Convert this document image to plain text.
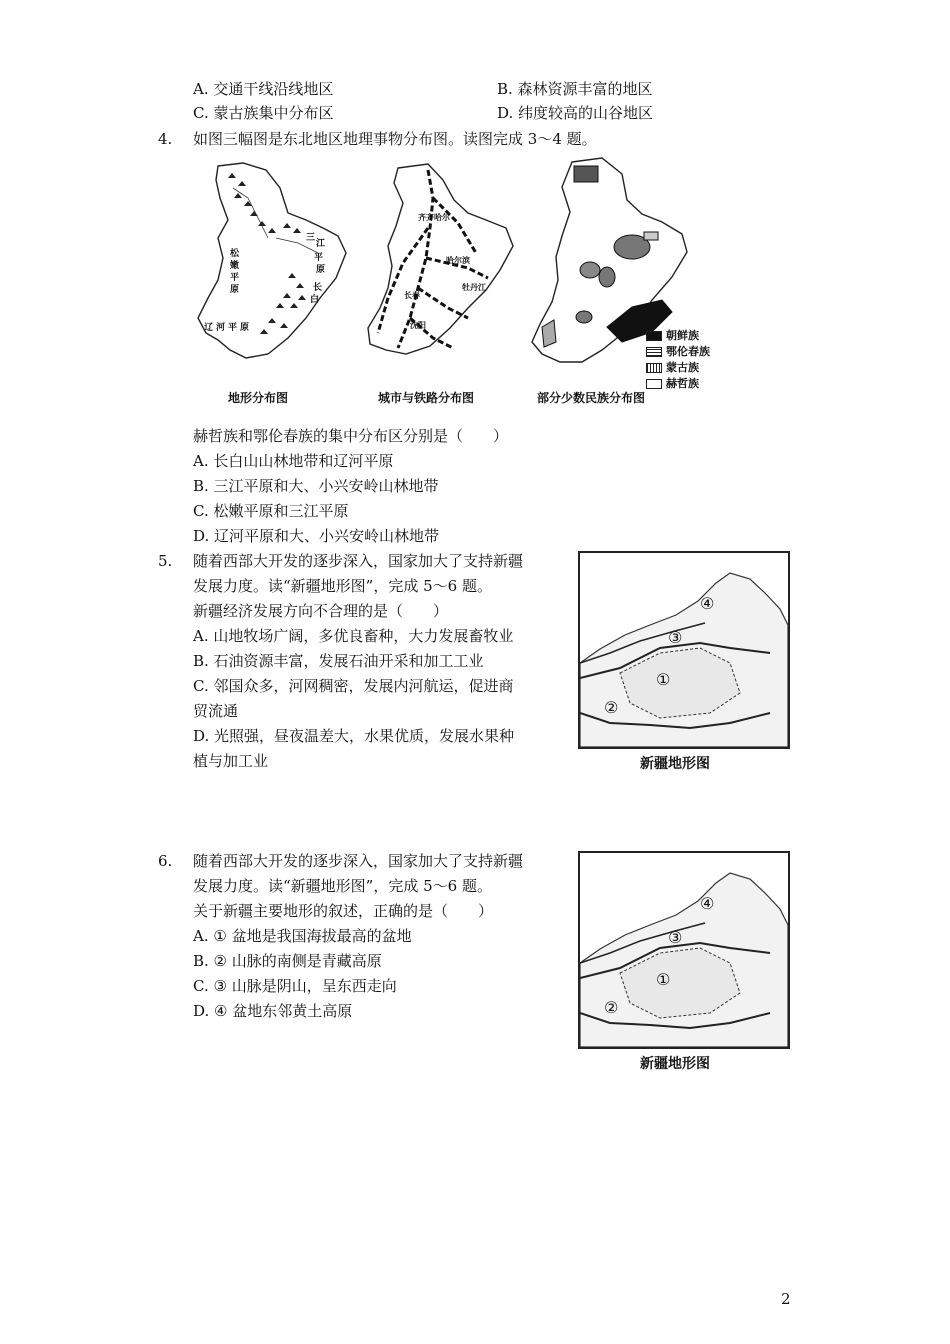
A. 交通干线沿线地区	B. 森林资源丰富的地区
C. 蒙古族集中分布区	D. 纬度较高的山谷地区
4. 如图三幅图是东北地区地理事物分布图。读图完成 3～4 题。
松
嫩
平
原
三
江
平
原
辽 河 平 原
长
白
地形分布图
哈尔滨
长春
沈阳
牡丹江
齐齐哈尔
城市与铁路分布图
朝鲜族
鄂伦春族
蒙古族
赫哲族
部分少数民族分布图
赫哲族和鄂伦春族的集中分布区分别是（　　）
A. 长白山山林地带和辽河平原
B. 三江平原和大、小兴安岭山林地带
C. 松嫩平原和三江平原
D. 辽河平原和大、小兴安岭山林地带
5. 随着西部大开发的逐步深入，国家加大了支持新疆
发展力度。读“新疆地形图”，完成 5～6 题。
新疆经济发展方向不合理的是（　　）
A. 山地牧场广阔，多优良畜种，大力发展畜牧业
B. 石油资源丰富，发展石油开采和加工工业
C. 邻国众多，河网稠密，发展内河航运，促进商
贸流通
D. 光照强，昼夜温差大，水果优质，发展水果种
植与加工业
①
②
③
④
新疆地形图
6. 随着西部大开发的逐步深入，国家加大了支持新疆
发展力度。读“新疆地形图”，完成 5～6 题。
关于新疆主要地形的叙述，正确的是（　　）
A. ① 盆地是我国海拔最高的盆地
B. ② 山脉的南侧是青藏高原
C. ③ 山脉是阴山，呈东西走向
D. ④ 盆地东邻黄土高原
①
②
③
④
新疆地形图
2
